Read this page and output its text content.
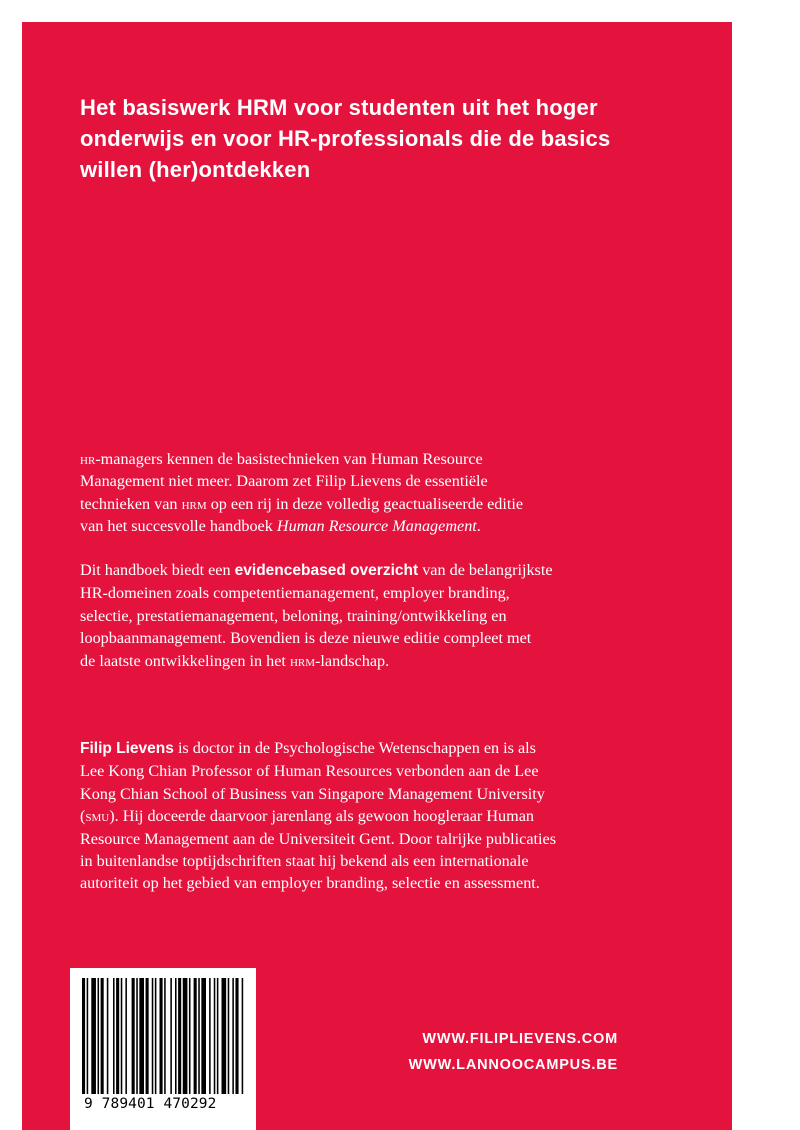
Het basiswerk HRM voor studenten uit het hoger
onderwijs en voor HR-professionals die de basics
willen (her)ontdekken
hr-managers kennen de basistechnieken van Human Resource
Management niet meer. Daarom zet Filip Lievens de essentiële
technieken van hrm op een rij in deze volledig geactualiseerde editie
van het succesvolle handboek Human Resource Management.
Dit handboek biedt een evidencebased overzicht van de belangrijkste
HR-domeinen zoals competentiemanagement, employer branding,
selectie, prestatiemanagement, beloning, training/ontwikkeling en
loopbaanmanagement. Bovendien is deze nieuwe editie compleet met
de laatste ontwikkelingen in het hrm-landschap.
Filip Lievens is doctor in de Psychologische Wetenschappen en is als
Lee Kong Chian Professor of Human Resources verbonden aan de Lee
Kong Chian School of Business van Singapore Management University
(smu). Hij doceerde daarvoor jarenlang als gewoon hoogleraar Human
Resource Management aan de Universiteit Gent. Door talrijke publicaties
in buitenlandse toptijdschriften staat hij bekend als een internationale
autoriteit op het gebied van employer branding, selectie en assessment.
WWW.FILIPLIEVENS.COM
WWW.LANNOOCAMPUS.BE
9 789401 470292
